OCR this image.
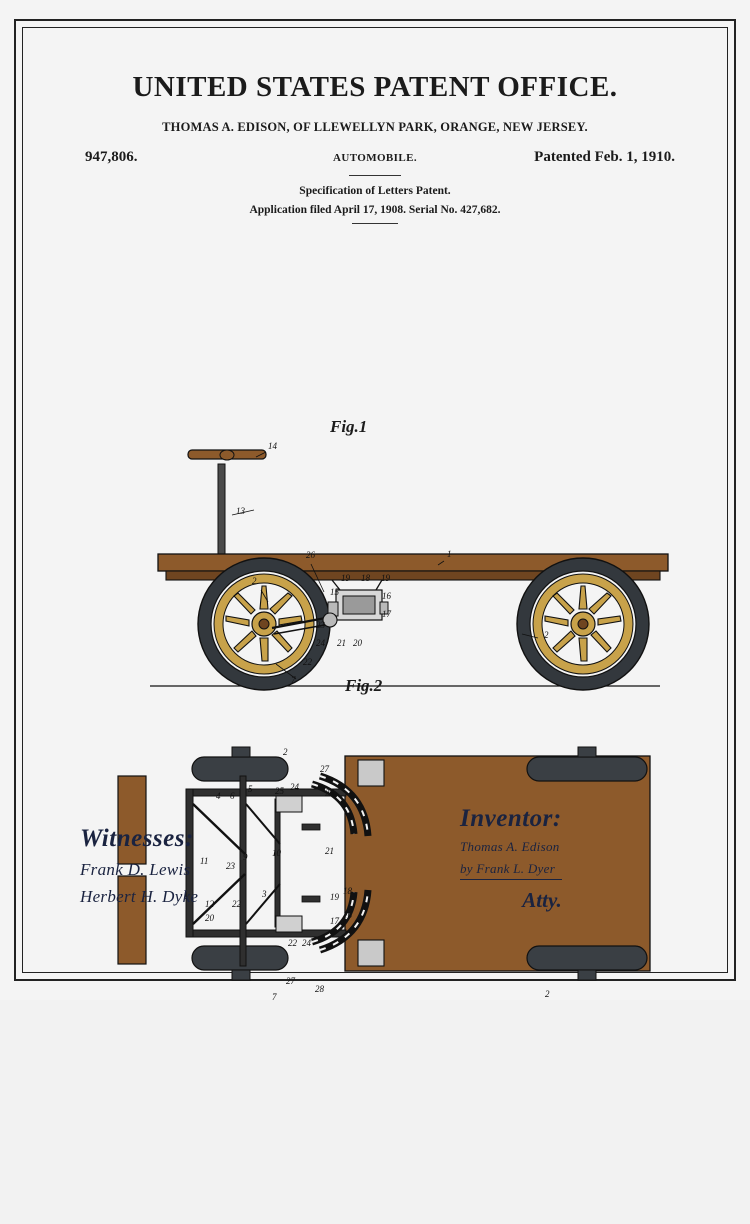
UNITED STATES PATENT OFFICE.
THOMAS A. EDISON, OF LLEWELLYN PARK, ORANGE, NEW JERSEY.
947,806.	AUTOMOBILE.	Patented Feb. 1, 1910.
Specification of Letters Patent.
Application filed April 17, 1908. Serial No. 427,682.
Fig.1
Fig.2
14
13
1
26
2	19 18 19
15	16
17
23
2
24 21 20
22
7
2
27
4 6
5	25 24
26
11 23
9	10	21
12
20
22
3	19
18
17
16
22 24
27
28
7	2
Witnesses:
Frank D. Lewis
Herbert H. Dyke
Inventor:
Thomas A. Edison
by Frank L. Dyer
Atty.
